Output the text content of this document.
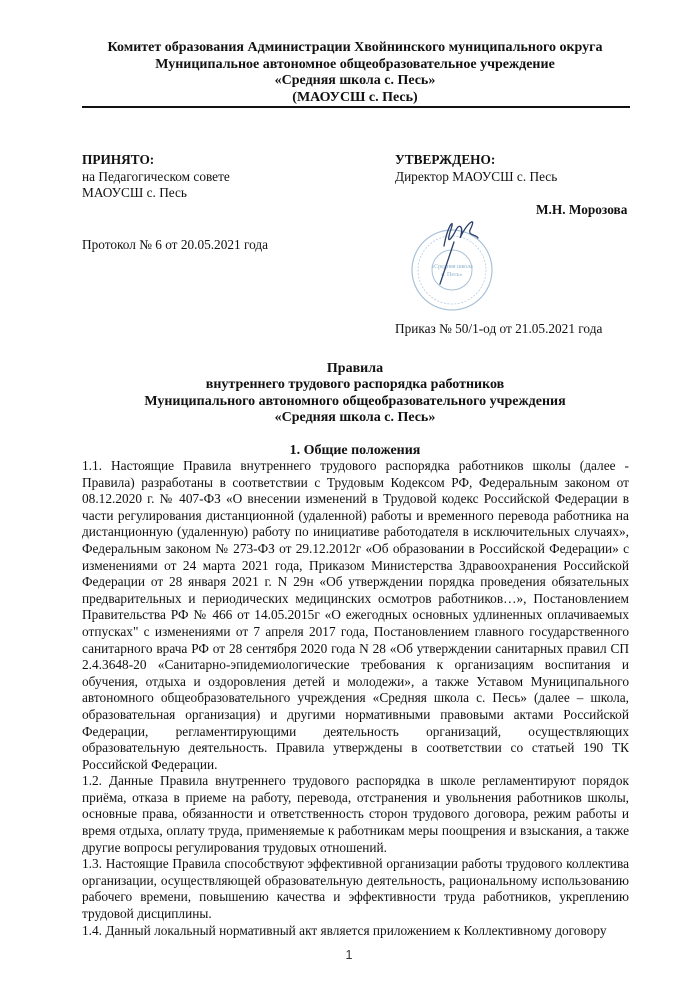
Комитет образования Администрации Хвойнинского муниципального округа
Муниципальное автономное общеобразовательное учреждение
«Средняя школа с. Песь»
(МАОУСШ с. Песь)
ПРИНЯТО:
на Педагогическом совете
МАОУСШ с. Песь
Протокол № 6 от 20.05.2021 года
УТВЕРЖДЕНО:
Директор МАОУСШ с. Песь
«Средняя школа
с. Песь»
М.Н. Морозова
Приказ № 50/1-од от 21.05.2021 года
Правила
внутреннего трудового распорядка работников
Муниципального автономного общеобразовательного учреждения
«Средняя школа с. Песь»
1. Общие положения

1.1. Настоящие Правила внутреннего трудового распорядка работников школы (далее - Правила) разработаны в соответствии с Трудовым Кодексом РФ, Федеральным законом от 08.12.2020 г. № 407-ФЗ «О внесении изменений в Трудовой кодекс Российской Федерации в части регулирования дистанционной (удаленной) работы и временного перевода работника на дистанционную (удаленную) работу по инициативе работодателя в исключительных случаях», Федеральным законом № 273-ФЗ от 29.12.2012г «Об образовании в Российской Федерации» с изменениями от 24 марта 2021 года, Приказом Министерства Здравоохранения Российской Федерации от 28 января 2021 г. N 29н «Об утверждении порядка проведения обязательных предварительных и периодических медицинских осмотров работников…», Постановлением Правительства РФ № 466 от 14.05.2015г «О ежегодных основных удлиненных оплачиваемых отпусках" с изменениями от 7 апреля 2017 года, Постановлением главного государственного санитарного врача РФ от 28 сентября 2020 года N 28 «Об утверждении санитарных правил СП 2.4.3648-20 «Санитарно-эпидемиологические требования к организациям воспитания и обучения, отдыха и оздоровления детей и молодежи», а также Уставом Муниципального автономного общеобразовательного учреждения «Средняя школа с. Песь» (далее – школа, образовательная организация) и другими нормативными правовыми актами Российской Федерации, регламентирующими деятельность организаций, осуществляющих образовательную деятельность. Правила утверждены в соответствии со статьей 190 ТК Российской Федерации.

1.2. Данные Правила внутреннего трудового распорядка в школе регламентируют порядок приёма, отказа в приеме на работу, перевода, отстранения и увольнения работников школы, основные права, обязанности и ответственность сторон трудового договора, режим работы и время отдыха, оплату труда, применяемые к работникам меры поощрения и взыскания, а также другие вопросы регулирования трудовых отношений.

1.3. Настоящие Правила способствуют эффективной организации работы трудового коллектива организации, осуществляющей образовательную деятельность, рациональному использованию рабочего времени, повышению качества и эффективности труда работников, укреплению трудовой дисциплины.

1.4. Данный локальный нормативный акт является приложением к Коллективному договору

1
